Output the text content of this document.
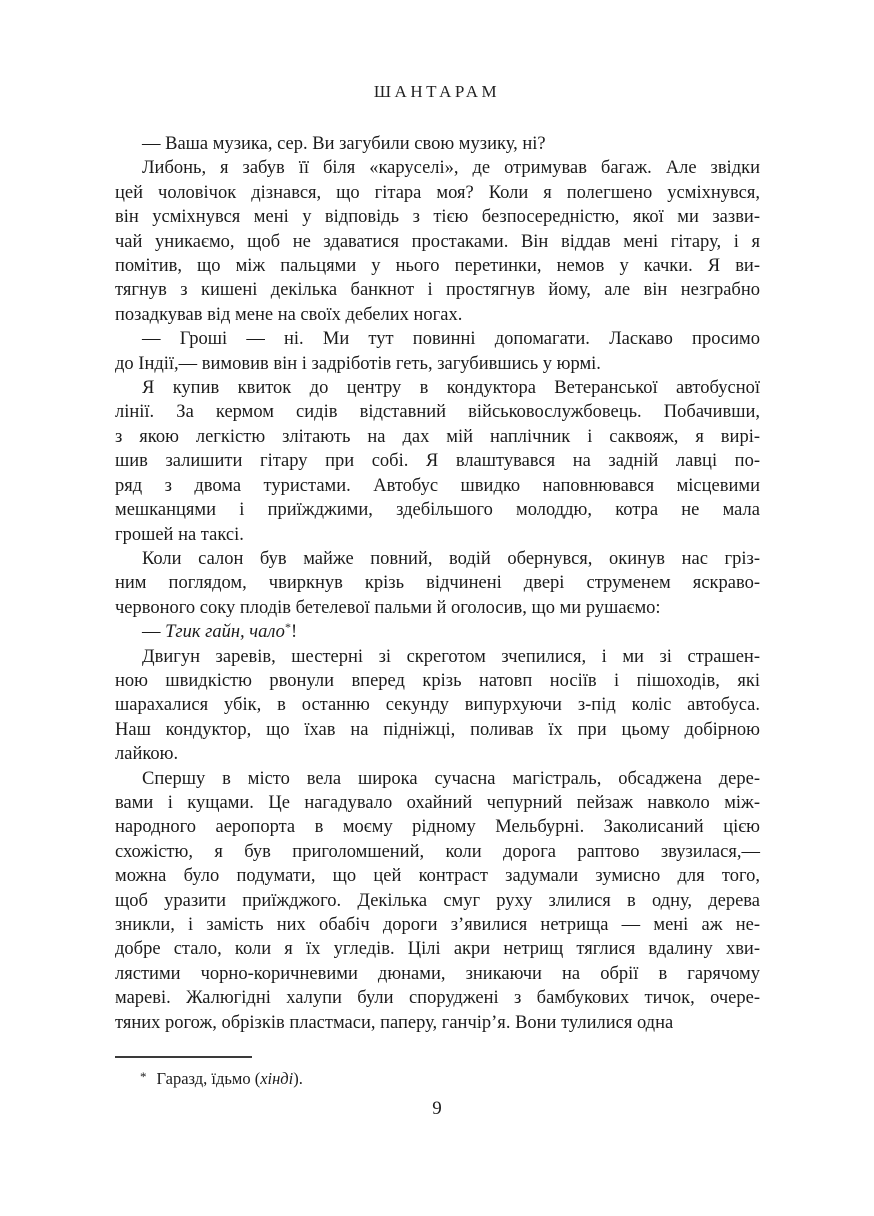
ШАНТАРАМ
— Ваша музика, сер. Ви загубили свою музику, ні?
Либонь, я забув її біля «каруселі», де отримував багаж. Але звідки
цей чоловічок дізнався, що гітара моя? Коли я полегшено усміхнувся,
він усміхнувся мені у відповідь з тією безпосередністю, якої ми зазви-
чай уникаємо, щоб не здаватися простаками. Він віддав мені гітару, і я
помітив, що між пальцями у нього перетинки, немов у качки. Я ви-
тягнув з кишені декілька банкнот і простягнув йому, але він незграбно
позадкував від мене на своїх дебелих ногах.
— Гроші — ні. Ми тут повинні допомагати. Ласкаво просимо
до Індії,— вимовив він і задріботів геть, загубившись у юрмі.
Я купив квиток до центру в кондуктора Ветеранської автобусної
лінії. За кермом сидів відставний військовослужбовець. Побачивши,
з якою легкістю злітають на дах мій наплічник і саквояж, я вирі-
шив залишити гітару при собі. Я влаштувався на задній лавці по-
ряд з двома туристами. Автобус швидко наповнювався місцевими
мешканцями і приїжджими, здебільшого молоддю, котра не мала
грошей на таксі.
Коли салон був майже повний, водій обернувся, окинув нас гріз-
ним поглядом, чвиркнув крізь відчинені двері струменем яскраво-
червоного соку плодів бетелевої пальми й оголосив, що ми рушаємо:
— Тгик гайн, чало*!
Двигун заревів, шестерні зі скреготом зчепилися, і ми зі страшен-
ною швидкістю рвонули вперед крізь натовп носіїв і пішоходів, які
шарахалися убік, в останню секунду випурхуючи з-під коліс автобуса.
Наш кондуктор, що їхав на підніжці, поливав їх при цьому добірною
лайкою.
Спершу в місто вела широка сучасна магістраль, обсаджена дере-
вами і кущами. Це нагадувало охайний чепурний пейзаж навколо між-
народного аеропорта в моєму рідному Мельбурні. Заколисаний цією
схожістю, я був приголомшений, коли дорога раптово звузилася,—
можна було подумати, що цей контраст задумали зумисно для того,
щоб уразити приїжджого. Декілька смуг руху злилися в одну, дерева
зникли, і замість них обабіч дороги з’явилися нетрища — мені аж не-
добре стало, коли я їх угледів. Цілі акри нетрищ тяглися вдалину хви-
лястими чорно-коричневими дюнами, зникаючи на обрії в гарячому
мареві. Жалюгідні халупи були споруджені з бамбукових тичок, очере-
тяних рогож, обрізків пластмаси, паперу, ганчір’я. Вони тулилися одна
* Гаразд, їдьмо (хінді).
9
